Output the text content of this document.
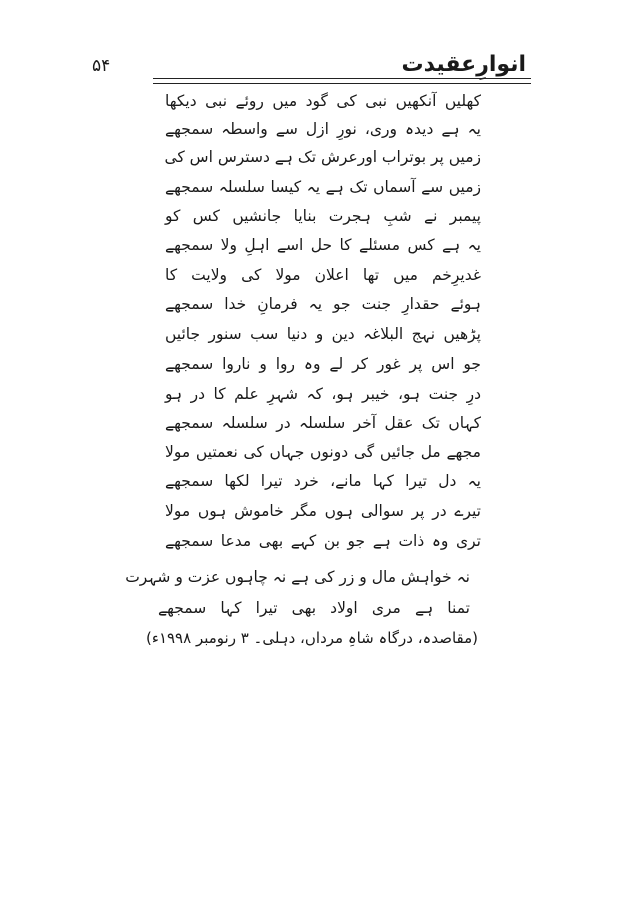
انوارِعقیدت
۵۴
کھلیں آنکھیں نبی کی گود میں روئے نبی دیکھا
یہ ہے دیدہ وری، نورِ ازل سے واسطہ سمجھے
زمیں پر بوتراب اورعرش تک ہے دسترس اس کی
زمیں سے آسماں تک ہے یہ کیسا سلسلہ سمجھے
پیمبر نے شبِ ہجرت بنایا جانشیں کس کو
یہ ہے کس مسئلے کا حل اسے اہلِ ولا سمجھے
غدیرِخم میں تھا اعلان مولا کی ولایت کا
ہوئے حقدارِ جنت جو یہ فرمانِ خدا سمجھے
پڑھیں نہج البلاغہ دین و دنیا سب سنور جائیں
جو اس پر غور کر لے وہ روا و ناروا سمجھے
درِ جنت ہو، خیبر ہو، کہ شہرِ علم کا در ہو
کہاں تک عقل آخر سلسلہ در سلسلہ سمجھے
مجھے مل جائیں گی دونوں جہاں کی نعمتیں مولا
یہ دل تیرا کہا مانے، خرد تیرا لکھا سمجھے
تیرے در پر سوالی ہوں مگر خاموش ہوں مولا
تری وہ ذات ہے جو بن کہے بھی مدعا سمجھے
نہ خواہش مال و زر کی ہے نہ چاہوں عزت و شہرت
تمنا ہے مری اولاد بھی تیرا کہا سمجھے
(مقاصدہ، درگاہ شاہِ مرداں، دہلی۔ ۳ رنومبر ۱۹۹۸ء)
